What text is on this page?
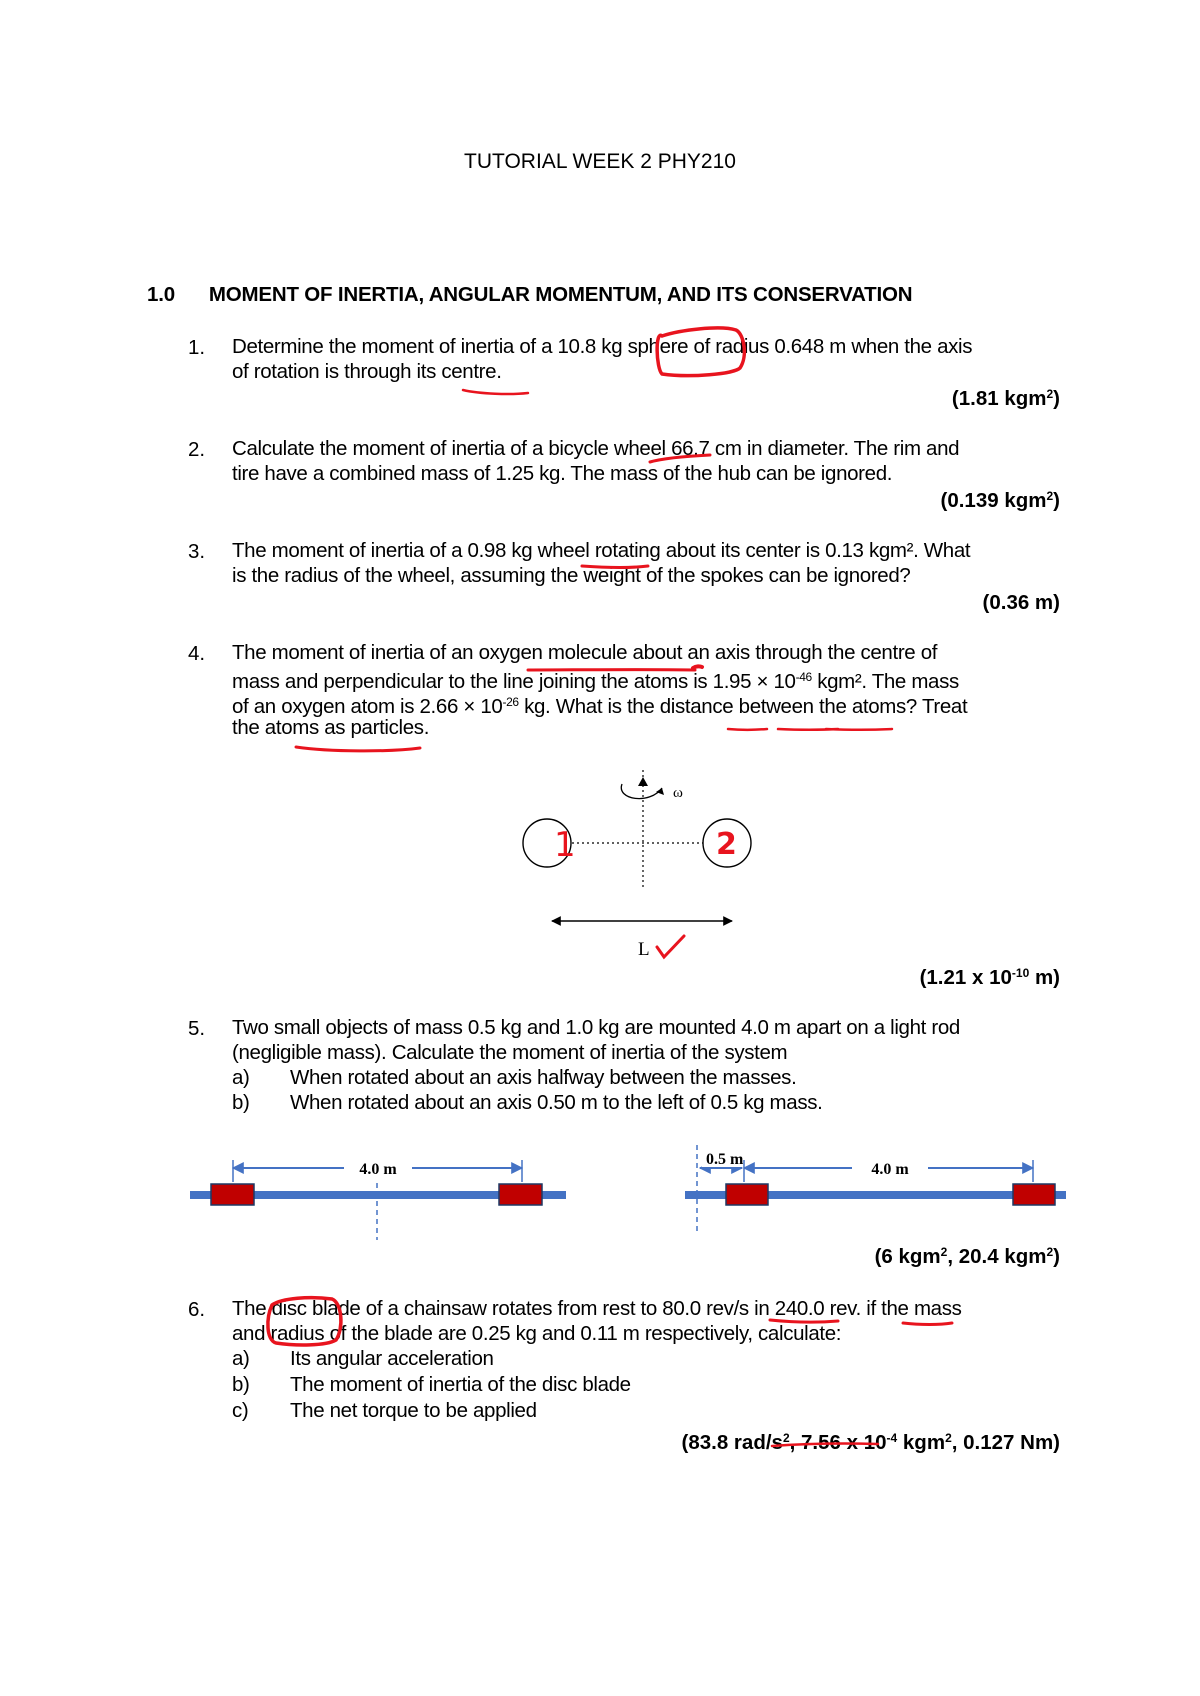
TUTORIAL WEEK 2 PHY210
1.0 MOMENT OF INERTIA, ANGULAR MOMENTUM, AND ITS CONSERVATION
1. Determine the moment of inertia of a 10.8 kg sphere of radius 0.648 m when the axis
of rotation is through its centre.
(1.81 kgm$^2$)
2. Calculate the moment of inertia of a bicycle wheel 66.7 cm in diameter. The rim and
tire have a combined mass of 1.25 kg. The mass of the hub can be ignored.
(0.139 kgm$^2$)
3. The moment of inertia of a 0.98 kg wheel rotating about its center is 0.13 kgm². What
is the radius of the wheel, assuming the weight of the spokes can be ignored?
(0.36 m)
4. The moment of inertia of an oxygen molecule about an axis through the centre of
mass and perpendicular to the line joining the atoms is $1.95 \times 10^{-46}$ kgm². The mass
of an oxygen atom is $2.66 \times 10^{-26}$ kg. What is the distance between the atoms? Treat
the atoms as particles.
(1.21 x $10^{-10}$ m)
5. Two small objects of mass 0.5 kg and 1.0 kg are mounted 4.0 m apart on a light rod
(negligible mass). Calculate the moment of inertia of the system
a) When rotated about an axis halfway between the masses.
b) When rotated about an axis 0.50 m to the left of 0.5 kg mass.
(6 kgm$^2$, 20.4 kgm$^2$)
6. The disc blade of a chainsaw rotates from rest to 80.0 rev/s in 240.0 rev. if the mass
and radius of the blade are 0.25 kg and 0.11 m respectively, calculate:
a) Its angular acceleration
b) The moment of inertia of the disc blade
c) The net torque to be applied
(83.8 rad/$s^2$, 7.56 x $10^{-4}$ kgm$^2$, 0.127 Nm)
ω
1	2
L
4.0 m
0.5 m
4.0 m
